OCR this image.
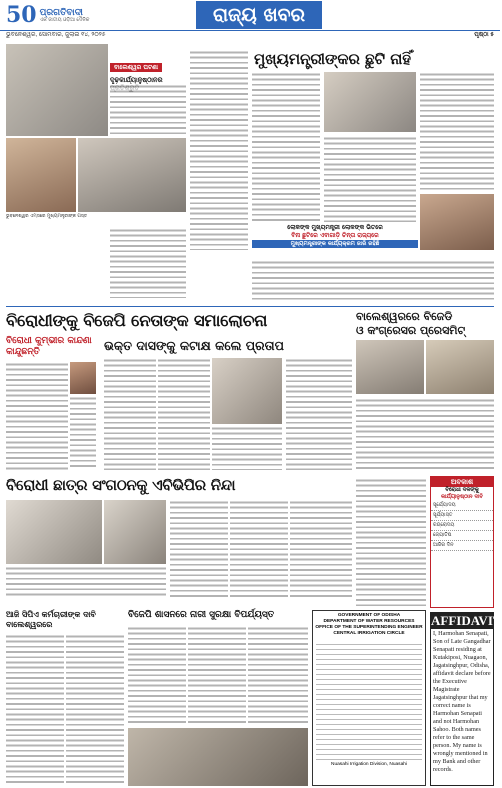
50 ପ୍ରଗତିବାଦୀ
ଏକ ଜାତୀୟ ଓଡ଼ିଆ ଦୈନିକ	ରାଜ୍ୟ ଖବର
ଭୁବନେଶ୍ୱର, ସୋମବାର, ଜୁଲାଇ ୧୪, ୨୦୨୫	ପୃଷ୍ଠା ୫
ବାଲେଶ୍ୱର ଘଟଣା
ଦୃଢ଼କାର୍ଯ୍ୟାନୁଷ୍ଠାନର
ଭୁବନେଶ୍ୱର ଏମ୍ସରେ ମୁଖ୍ୟମନ୍ତ୍ରୀଙ୍କ ଗସ୍ତ
ମୁଖ୍ୟମନ୍ତ୍ରୀଙ୍କର ଛୁଟି ନାହିଁ
ଲୋକଙ୍କ ମୁଖ୍ୟମନ୍ତ୍ରୀ ଲୋକଙ୍କ ଭିତରେ
ବିନା ଛୁଟିରେ ଏବାଗାଡ଼ି ଚିନ୍ତା ରାଜ୍ୟରେ
ମୁଖ୍ୟମନ୍ତ୍ରୀଙ୍କ କାର୍ଯ୍ୟକ୍ରମ ଜାରି ରହିଛି
ବିରୋଧୀଙ୍କୁ ବିଜେପି ନେତାଙ୍କ ସମାଲୋଚନା
ବିରୋଧୀ କୁମ୍ଭୀର କାନ୍ଦଣା କାନ୍ଦୁଛନ୍ତି	ଭକ୍ତ ଦାସଙ୍କୁ କଟାକ୍ଷ କଲେ ପ୍ରତାପ
ବାଲେଶ୍ୱରରେ ବିଜେଡି
ଓ କଂଗ୍ରେସର ପ୍ରେସମିଟ୍
ବିରୋଧୀ ଛାତ୍ର ସଂଗଠନକୁ ଏବିଭିପିର ନିନ୍ଦା	ଅବକାଶ
ବିରୋଧୀ ଦଳଙ୍କୁ
କାର୍ଯ୍ୟାନୁଷ୍ଠାନ ଦାବି
ସୂର୍ଯ୍ୟୋଦୟ
ସୂର୍ଯ୍ୟାସ୍ତ
ଚନ୍ଦ୍ରୋଦୟ
ଜ୍ୟୋତିଷ
ଆଜିର ଦିନ
ଆଜି ସିପିଏ କର୍ମଚାରୀଙ୍କ ଦାବି ବାଲେଶ୍ୱରରେ
ବିଜେପି ଶାସନରେ ନାରୀ ସୁରକ୍ଷା ବିପର୍ଯ୍ୟସ୍ତ	GOVERNMENT OF ODISHA
DEPARTMENT OF WATER RESOURCES
OFFICE OF THE SUPERINTENDING ENGINEER
CENTRAL IRRIGATION CIRCLE
Nuasahi Irrigation Division, Nuasahi
AFFIDAVIT
I, Harmohan Senapati, Son of Late Gangadhar Senapati residing at Kutakiposi, Nuagaon, Jagatsinghpur, Odisha, affidavit declare before the Executive Magistrate Jagatsinghpur that my correct name is Harmohan Senapati and not Harmohan Sahoo. Both names refer to the same person. My name is wrongly mentioned in my Bank and other records.
